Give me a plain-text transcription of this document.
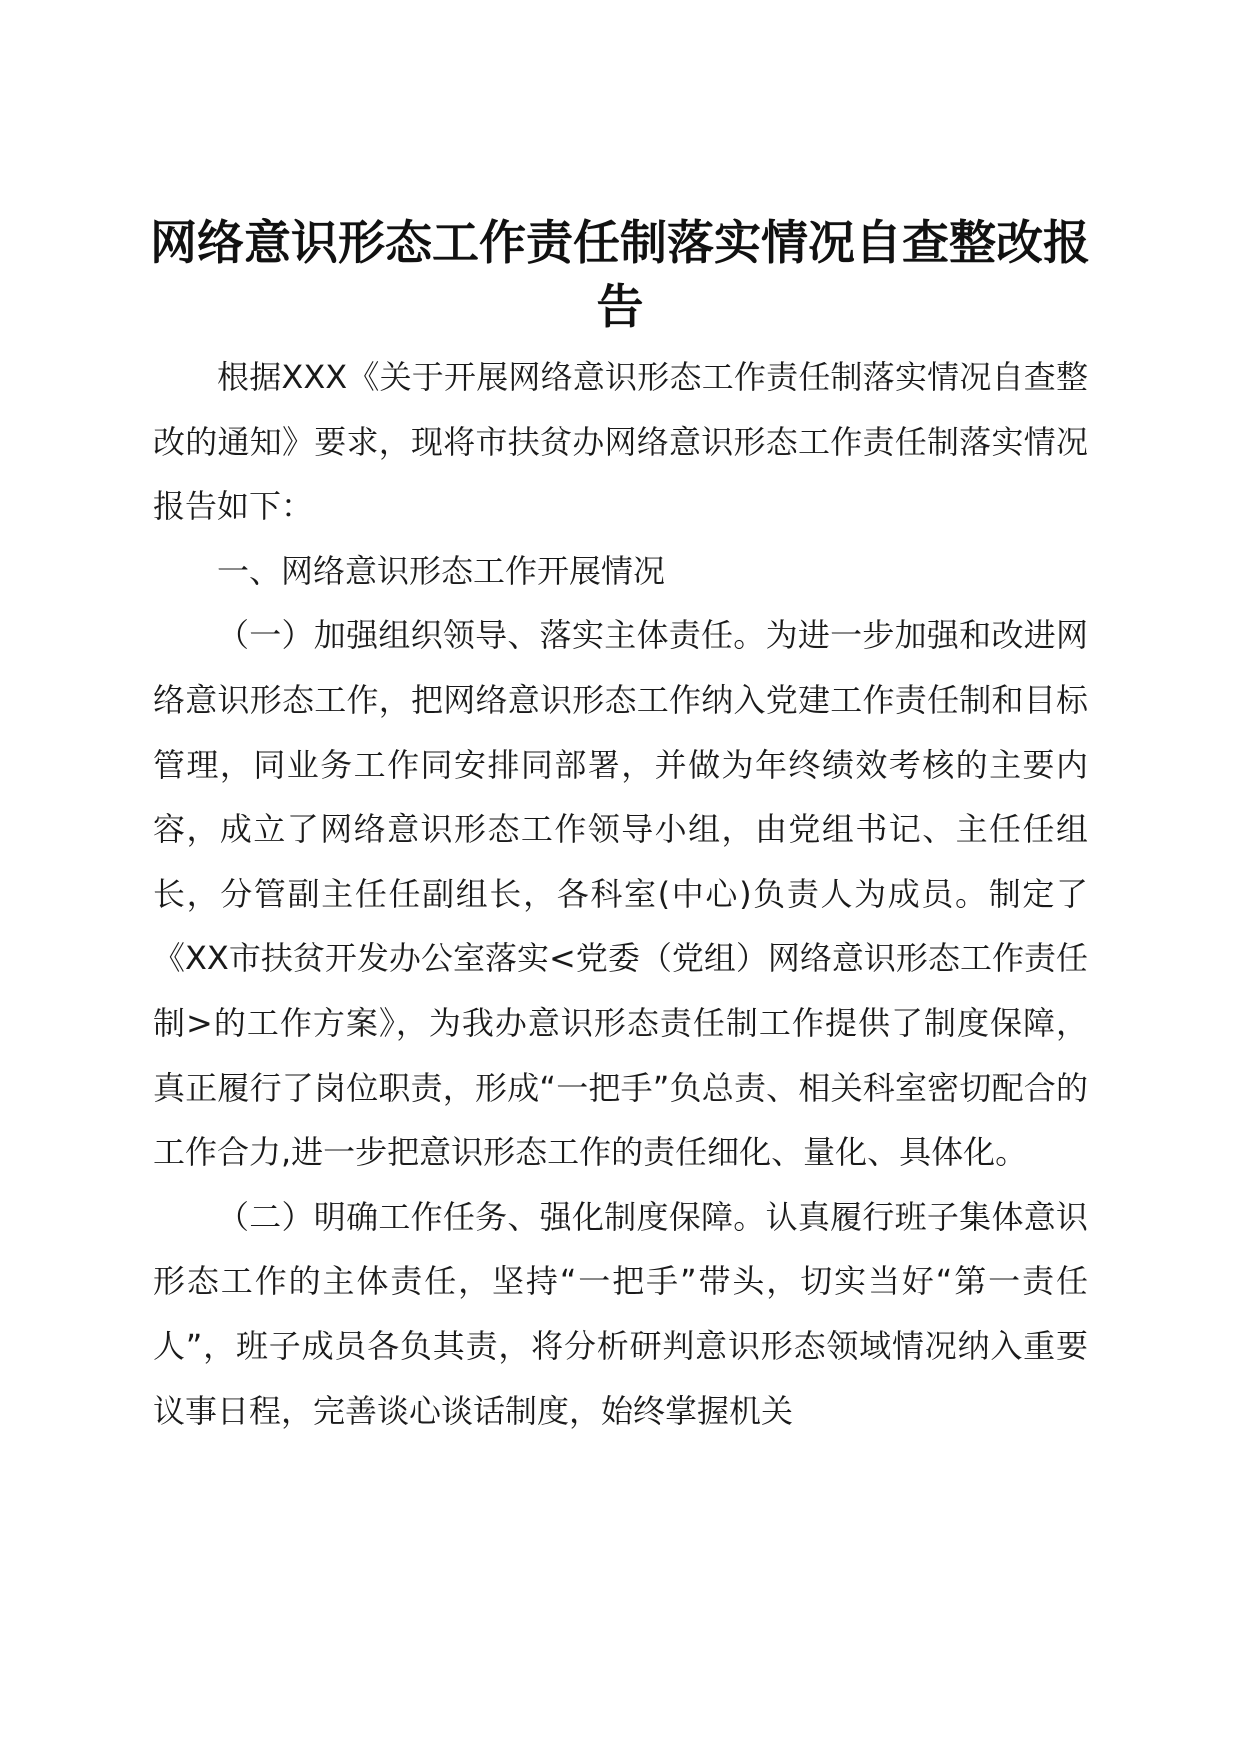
网络意识形态工作责任制落实情况自查整改报告

根据XXX《关于开展网络意识形态工作责任制落实情况自查整改的通知》要求，现将市扶贫办网络意识形态工作责任制落实情况报告如下：

一、网络意识形态工作开展情况

（一）加强组织领导、落实主体责任。为进一步加强和改进网络意识形态工作，把网络意识形态工作纳入党建工作责任制和目标管理，同业务工作同安排同部署，并做为年终绩效考核的主要内容，成立了网络意识形态工作领导小组，由党组书记、主任任组长，分管副主任任副组长，各科室(中心)负责人为成员。制定了《XX市扶贫开发办公室落实<党委（党组）网络意识形态工作责任制>的工作方案》，为我办意识形态责任制工作提供了制度保障，真正履行了岗位职责，形成“一把手”负总责、相关科室密切配合的工作合力,进一步把意识形态工作的责任细化、量化、具体化。

（二）明确工作任务、强化制度保障。认真履行班子集体意识形态工作的主体责任，坚持“一把手”带头，切实当好“第一责任人”，班子成员各负其责，将分析研判意识形态领域情况纳入重要议事日程，完善谈心谈话制度，始终掌握机关
